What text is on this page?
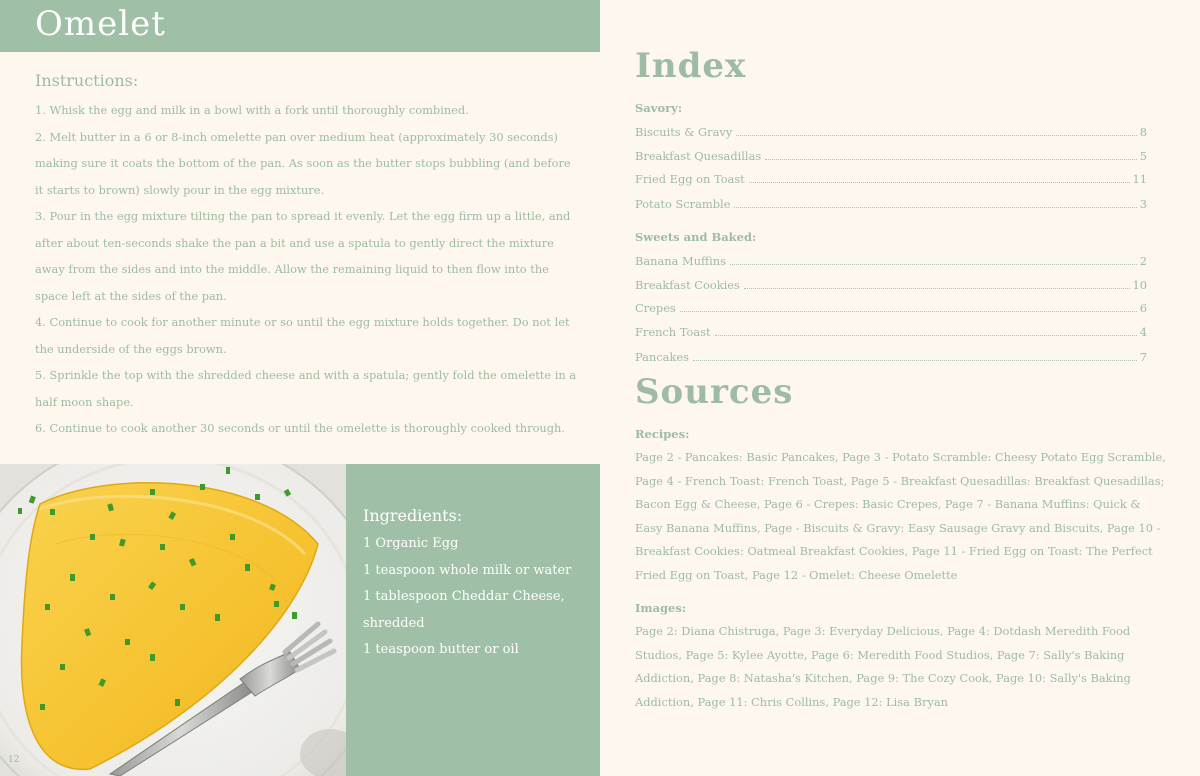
Omelet
Instructions:
1. Whisk the egg and milk in a bowl with a fork until thoroughly combined.
2. Melt butter in a 6 or 8-inch omelette pan over medium heat (approximately 30 seconds) making sure it coats the bottom of the pan. As soon as the butter stops bubbling (and before it starts to brown) slowly pour in the egg mixture.
3. Pour in the egg mixture tilting the pan to spread it evenly. Let the egg firm up a little, and after about ten-seconds shake the pan a bit and use a spatula to gently direct the mixture away from the sides and into the middle. Allow the remaining liquid to then flow into the space left at the sides of the pan.
4. Continue to cook for another minute or so until the egg mixture holds together. Do not let the underside of the eggs brown.
5. Sprinkle the top with the shredded cheese and with a spatula; gently fold the omelette in a half moon shape.
6. Continue to cook another 30 seconds or until the omelette is thoroughly cooked through.
Ingredients:
1 Organic Egg
1 teaspoon whole milk or water
1 tablespoon Cheddar Cheese, shredded
1 teaspoon butter or oil
12
Index
Savory:
Biscuits & Gravy	8
Breakfast Quesadillas	5
Fried Egg on Toast	11
Potato Scramble	3
Sweets and Baked:
Banana Muffins	2
Breakfast Cookies	10
Crepes	6
French Toast	4
Pancakes	7
Sources
Recipes:

Page 2 - Pancakes: Basic Pancakes, Page 3 - Potato Scramble: Cheesy Potato Egg Scramble, Page 4 - French Toast: French Toast, Page 5 - Breakfast Quesadillas: Breakfast Quesadillas; Bacon Egg & Cheese, Page 6 - Crepes: Basic Crepes, Page 7 - Banana Muffins: Quick & Easy Banana Muffins, Page - Biscuits & Gravy: Easy Sausage Gravy and Biscuits, Page 10 - Breakfast Cookies: Oatmeal Breakfast Cookies, Page 11 - Fried Egg on Toast: The Perfect Fried Egg on Toast, Page 12 - Omelet: Cheese Omelette

Images:

Page 2: Diana Chistruga, Page 3: Everyday Delicious, Page 4: Dotdash Meredith Food Studios, Page 5: Kylee Ayotte, Page 6: Meredith Food Studios, Page 7: Sally's Baking Addiction, Page 8: Natasha's Kitchen, Page 9: The Cozy Cook, Page 10: Sally's Baking Addiction, Page 11: Chris Collins, Page 12: Lisa Bryan
